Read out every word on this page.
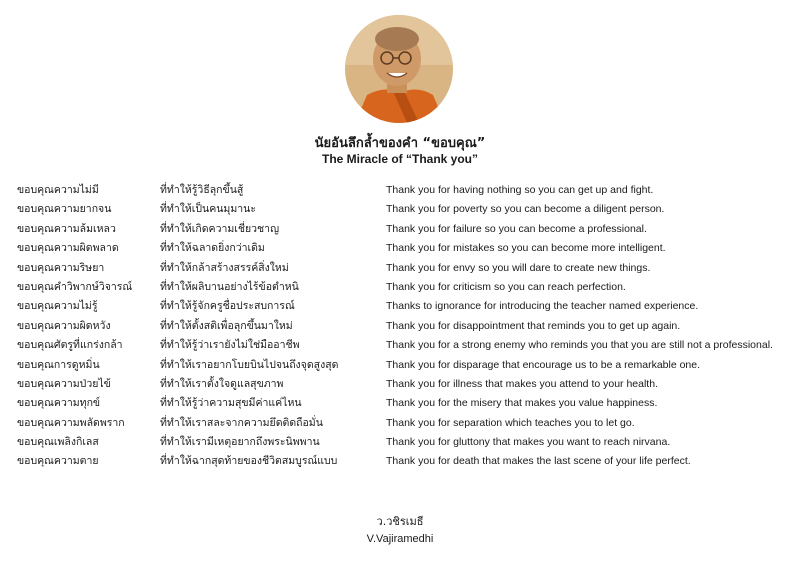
นัยอันลึกล้ำของคำ “ขอบคุณ”
The Miracle of “Thank you”
ขอบคุณความไม่มี	ที่ทำให้รู้วิธีลุกขึ้นสู้	Thank you for having nothing so you can get up and fight.
ขอบคุณความยากจน	ที่ทำให้เป็นคนมุมานะ	Thank you for poverty so you can become a diligent person.
ขอบคุณความล้มเหลว	ที่ทำให้เกิดความเชี่ยวชาญ	Thank you for failure so you can become a professional.
ขอบคุณความผิดพลาด	ที่ทำให้ฉลาดยิ่งกว่าเดิม	Thank you for mistakes so you can become more intelligent.
ขอบคุณความริษยา	ที่ทำให้กล้าสร้างสรรค์สิ่งใหม่	Thank you for envy so you will dare to create new things.
ขอบคุณคำวิพากษ์วิจารณ์	ที่ทำให้ผลิบานอย่างไร้ข้อตำหนิ	Thank you for criticism so you can reach perfection.
ขอบคุณความไม่รู้	ที่ทำให้รู้จักครูชื่อประสบการณ์	Thanks to ignorance for introducing the teacher named experience.
ขอบคุณความผิดหวัง	ที่ทำให้ตั้งสติเพื่อลุกขึ้นมาใหม่	Thank you for disappointment that reminds you to get up again.
ขอบคุณศัตรูที่แกร่งกล้า	ที่ทำให้รู้ว่าเรายังไม่ใช่มืออาชีพ	Thank you for a strong enemy who reminds you that you are still not a professional.
ขอบคุณการดูหมิ่น	ที่ทำให้เราอยากโบยบินไปจนถึงจุดสูงสุด	Thank you for disparage that encourage us to be a remarkable one.
ขอบคุณความป่วยไข้	ที่ทำให้เราตั้งใจดูแลสุขภาพ	Thank you for illness that makes you attend to your health.
ขอบคุณความทุกข์	ที่ทำให้รู้ว่าความสุขมีค่าแค่ไหน	Thank you for the misery that makes you value happiness.
ขอบคุณความพลัดพราก	ที่ทำให้เราสละจากความยึดติดถือมั่น	Thank you for separation which teaches you to let go.
ขอบคุณเพลิงกิเลส	ที่ทำให้เรามีเหตุอยากถึงพระนิพพาน	Thank you for gluttony that makes you want to reach nirvana.
ขอบคุณความตาย	ที่ทำให้ฉากสุดท้ายของชีวิตสมบูรณ์แบบ	Thank you for death that makes the last scene of your life perfect.
ว.วชิรเมธี
V.Vajiramedhi
